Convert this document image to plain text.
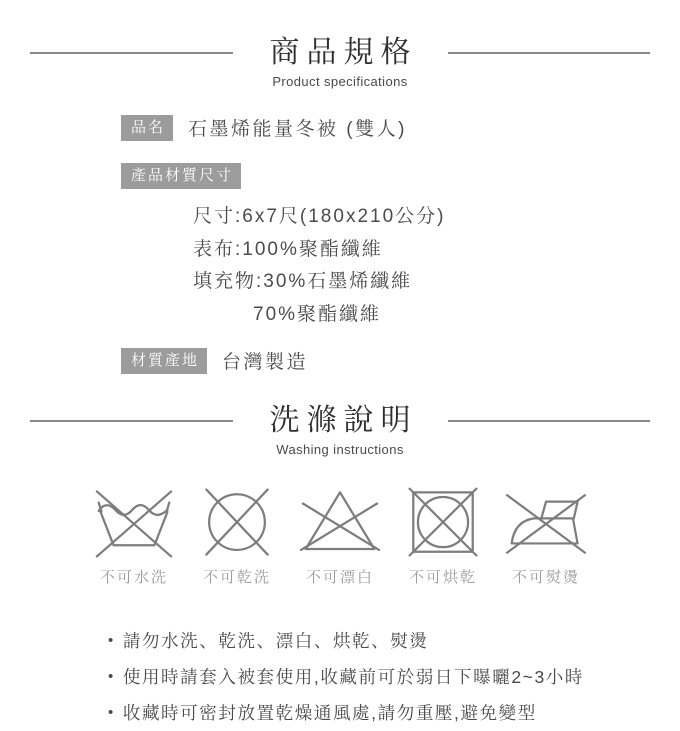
商品規格
Product specifications
品名	石墨烯能量冬被 (雙人)
產品材質尺寸
尺寸:6x7尺(180x210公分)
表布:100%聚酯纖維
填充物:30%石墨烯纖維
70%聚酯纖維
材質產地	台灣製造
洗滌說明
Washing instructions
不可水洗 不可乾洗 不可漂白 不可烘乾 不可熨燙
• 請勿水洗、乾洗、漂白、烘乾、熨燙
• 使用時請套入被套使用,收藏前可於弱日下曝曬2~3小時
• 收藏時可密封放置乾燥通風處,請勿重壓,避免變型
